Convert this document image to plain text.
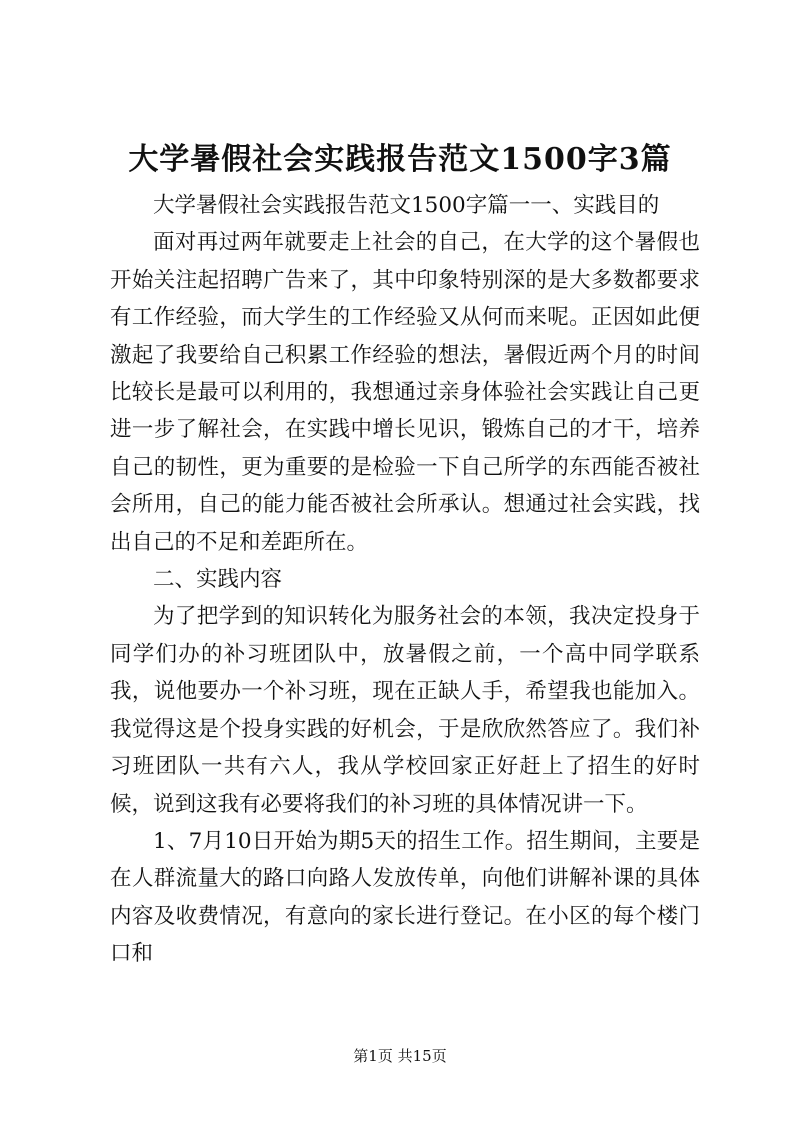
大学暑假社会实践报告范文1500字3篇

大学暑假社会实践报告范文1500字篇一一、实践目的

面对再过两年就要走上社会的自己，在大学的这个暑假也开始关注起招聘广告来了，其中印象特别深的是大多数都要求有工作经验，而大学生的工作经验又从何而来呢。正因如此便激起了我要给自己积累工作经验的想法，暑假近两个月的时间比较长是最可以利用的，我想通过亲身体验社会实践让自己更进一步了解社会，在实践中增长见识，锻炼自己的才干，培养自己的韧性，更为重要的是检验一下自己所学的东西能否被社会所用，自己的能力能否被社会所承认。想通过社会实践，找出自己的不足和差距所在。

二、实践内容

为了把学到的知识转化为服务社会的本领，我决定投身于同学们办的补习班团队中，放暑假之前，一个高中同学联系我，说他要办一个补习班，现在正缺人手，希望我也能加入。我觉得这是个投身实践的好机会，于是欣欣然答应了。我们补习班团队一共有六人，我从学校回家正好赶上了招生的好时候，说到这我有必要将我们的补习班的具体情况讲一下。

1、7月10日开始为期5天的招生工作。招生期间，主要是在人群流量大的路口向路人发放传单，向他们讲解补课的具体内容及收费情况，有意向的家长进行登记。在小区的每个楼门口和

第1页 共15页
